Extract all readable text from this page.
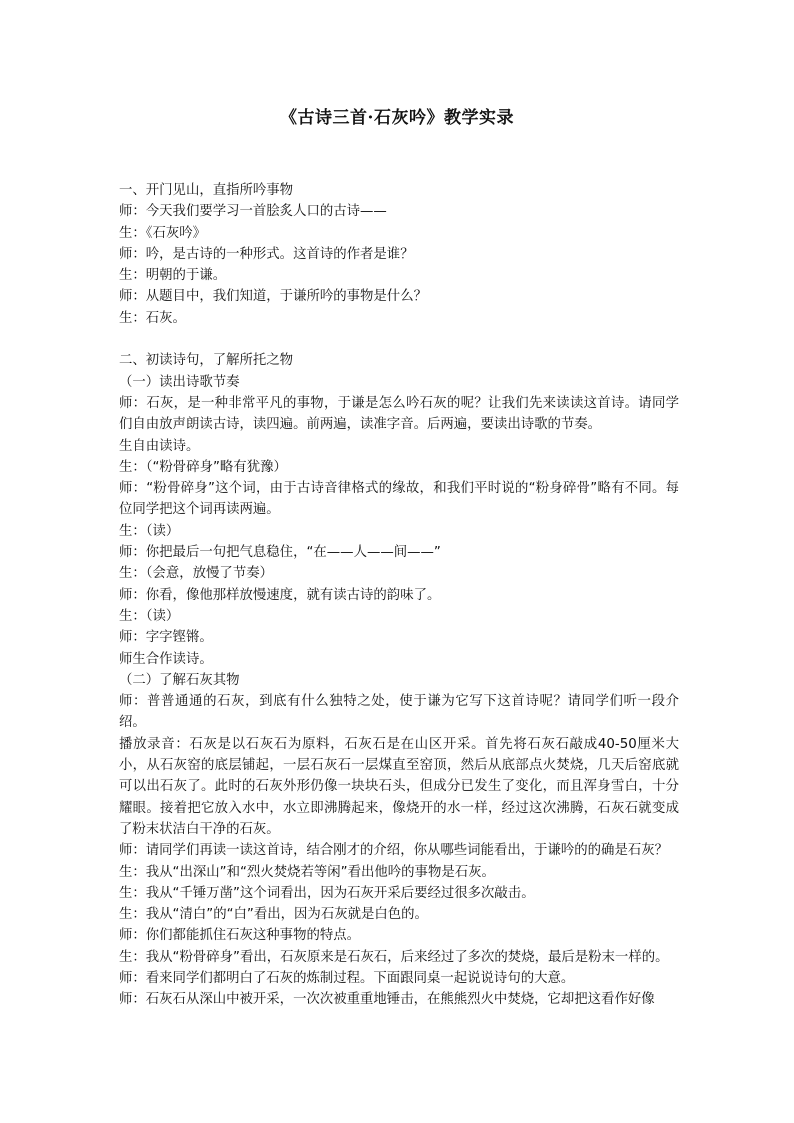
《古诗三首·石灰吟》教学实录

一、开门见山，直指所吟事物

师：今天我们要学习一首脍炙人口的古诗——

生：《石灰吟》

师：吟，是古诗的一种形式。这首诗的作者是谁？

生：明朝的于谦。

师：从题目中，我们知道，于谦所吟的事物是什么？

生：石灰。

二、初读诗句，了解所托之物

（一）读出诗歌节奏

师：石灰，是一种非常平凡的事物，于谦是怎么吟石灰的呢？让我们先来读读这首诗。请同学们自由放声朗读古诗，读四遍。前两遍，读准字音。后两遍，要读出诗歌的节奏。

生自由读诗。

生：（“粉骨碎身”略有犹豫）

师：“粉骨碎身”这个词，由于古诗音律格式的缘故，和我们平时说的“粉身碎骨”略有不同。每位同学把这个词再读两遍。

生：（读）

师：你把最后一句把气息稳住，“在——人——间——”

生：（会意，放慢了节奏）

师：你看，像他那样放慢速度，就有读古诗的韵味了。

生：（读）

师：字字铿锵。

师生合作读诗。

（二）了解石灰其物

师：普普通通的石灰，到底有什么独特之处，使于谦为它写下这首诗呢？请同学们听一段介绍。

播放录音：石灰是以石灰石为原料，石灰石是在山区开采。首先将石灰石敲成40-50厘米大小，从石灰窑的底层铺起，一层石灰石一层煤直至窑顶，然后从底部点火焚烧，几天后窑底就可以出石灰了。此时的石灰外形仍像一块块石头，但成分已发生了变化，而且浑身雪白，十分耀眼。接着把它放入水中，水立即沸腾起来，像烧开的水一样，经过这次沸腾，石灰石就变成了粉末状洁白干净的石灰。

师：请同学们再读一读这首诗，结合刚才的介绍，你从哪些词能看出，于谦吟的的确是石灰？

生：我从“出深山”和“烈火焚烧若等闲”看出他吟的事物是石灰。

生：我从“千锤万凿”这个词看出，因为石灰开采后要经过很多次敲击。

生：我从“清白”的“白”看出，因为石灰就是白色的。

师：你们都能抓住石灰这种事物的特点。

生：我从“粉骨碎身”看出，石灰原来是石灰石，后来经过了多次的焚烧，最后是粉末一样的。

师：看来同学们都明白了石灰的炼制过程。下面跟同桌一起说说诗句的大意。

师：石灰石从深山中被开采，一次次被重重地锤击，在熊熊烈火中焚烧，它却把这看作好像
